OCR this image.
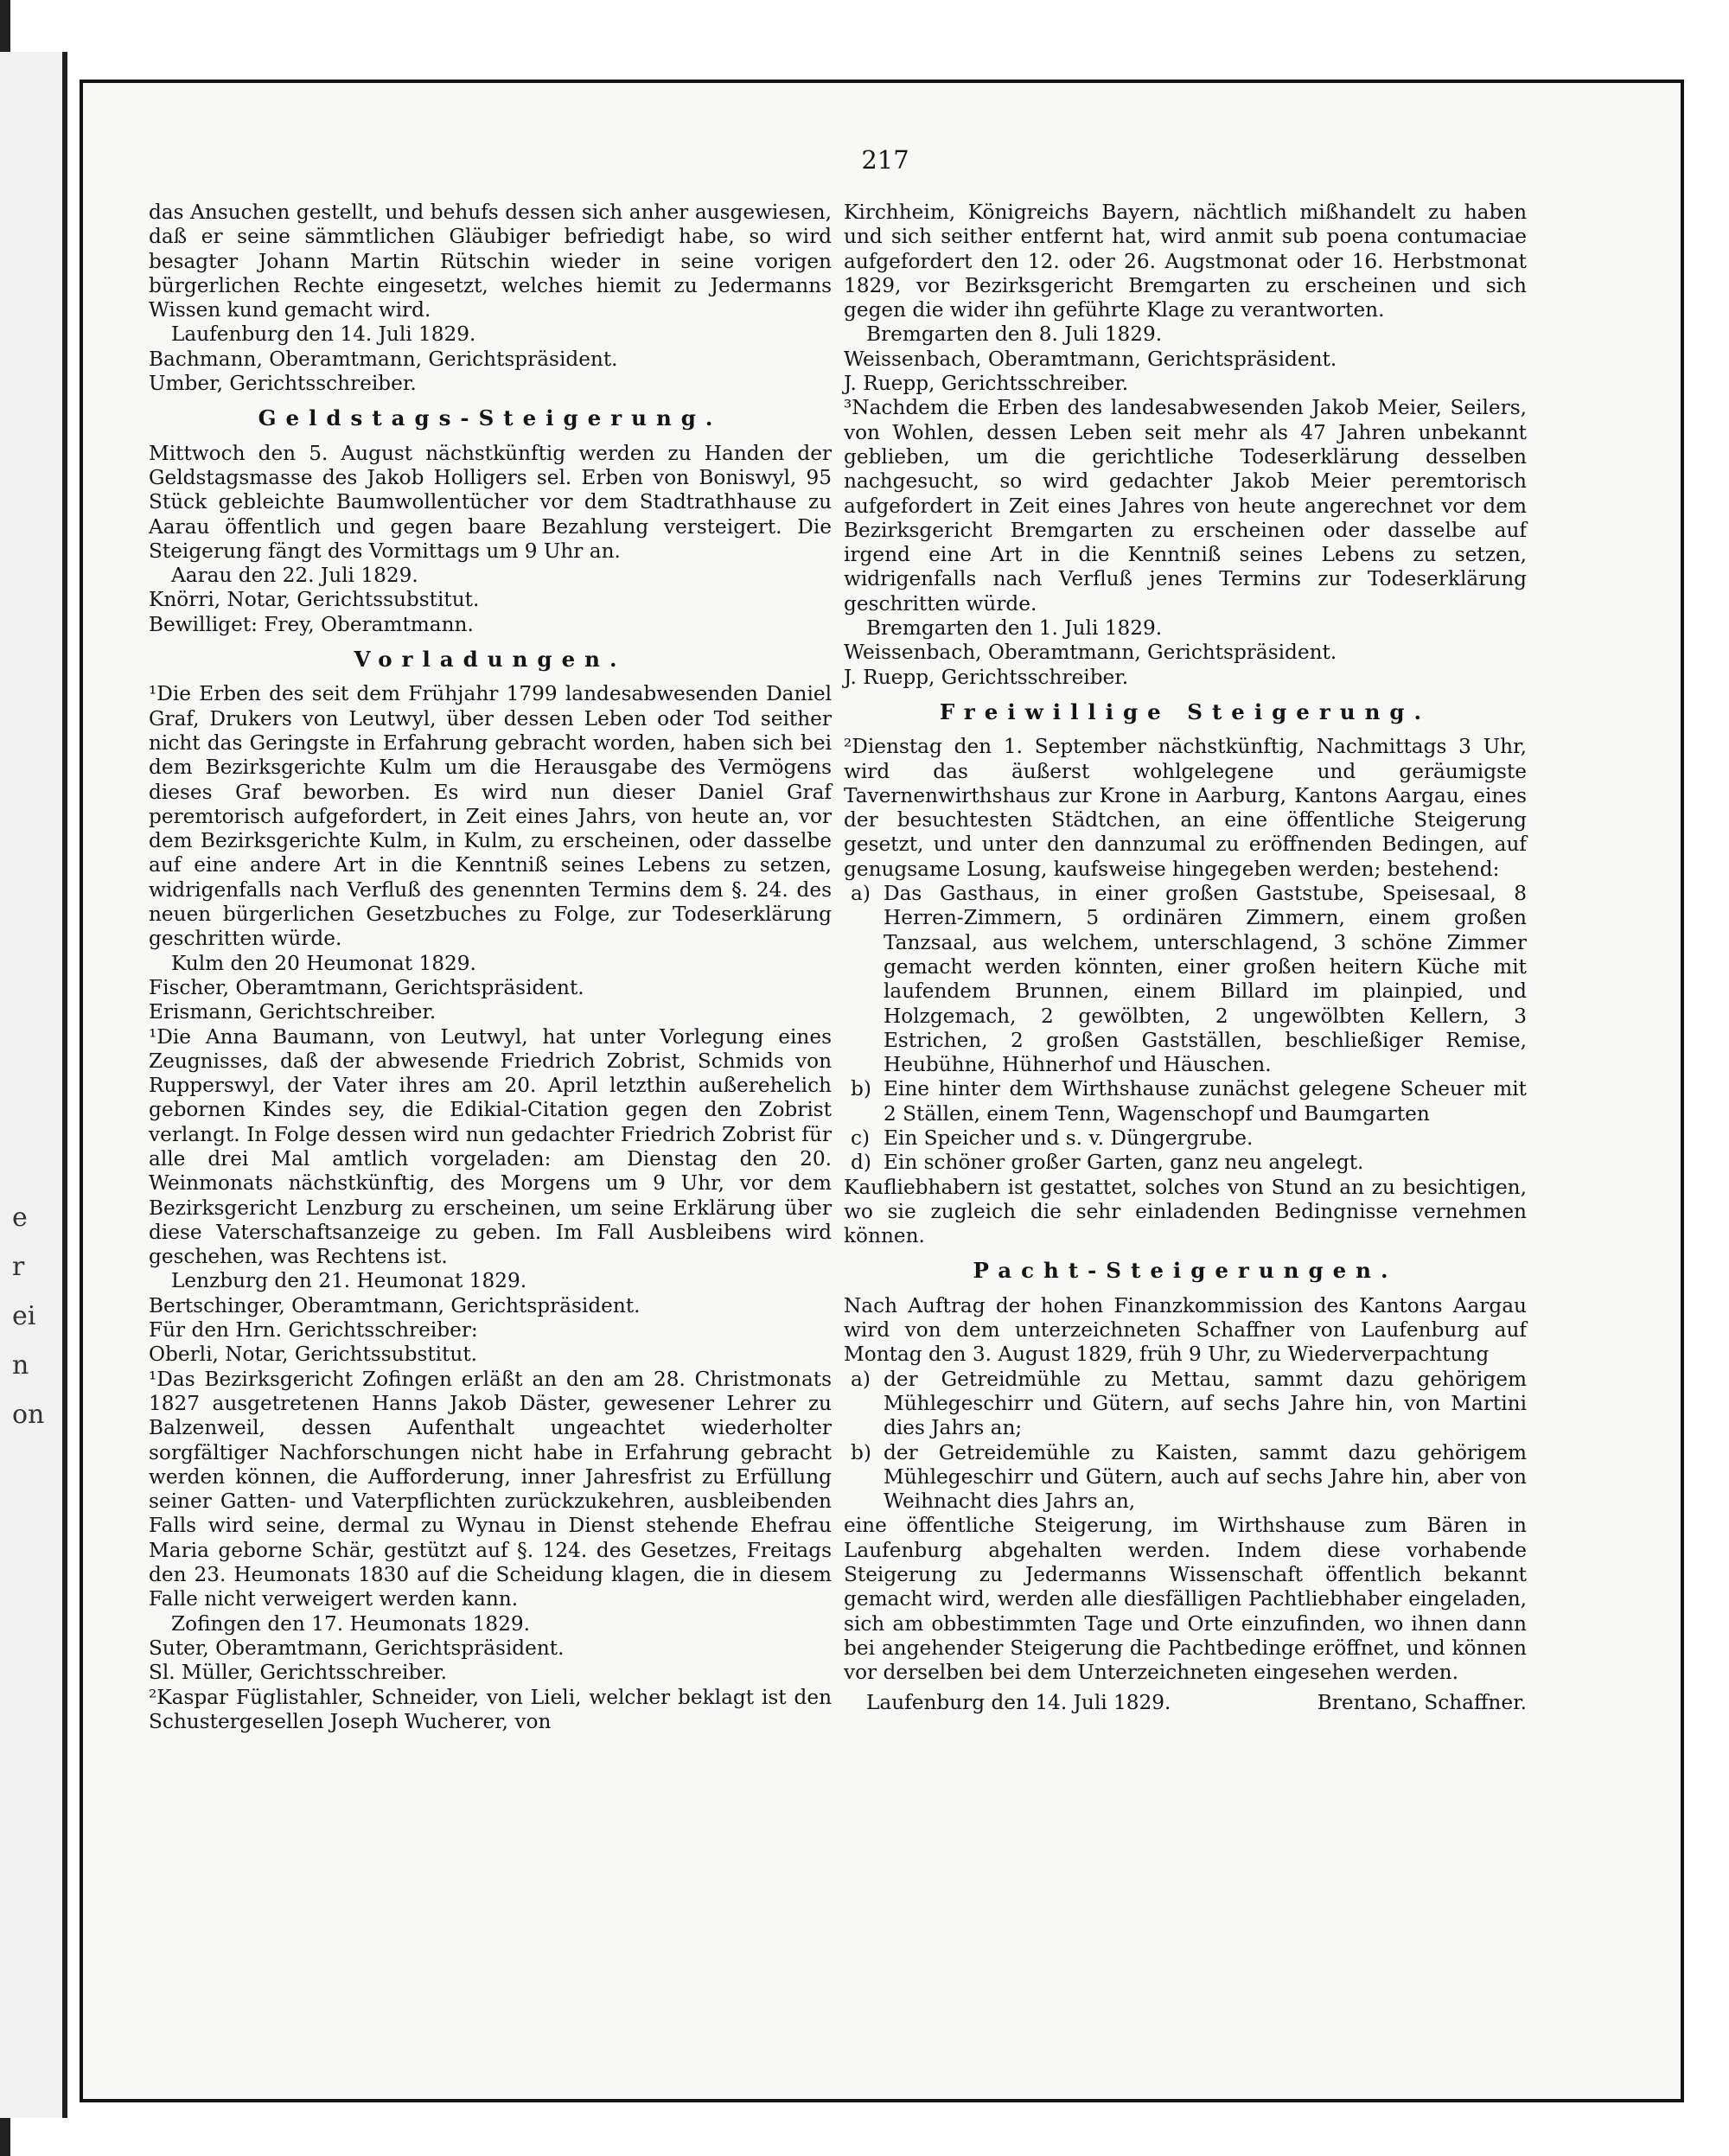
e
r
ei
n
on
217

das Ansuchen gestellt, und behufs dessen sich anher ausgewiesen, daß er seine sämmtlichen Gläubiger befriedigt habe, so wird besagter Johann Martin Rütschin wieder in seine vorigen bürgerlichen Rechte eingesetzt, welches hiemit zu Jedermanns Wissen kund gemacht wird.

Laufenburg den 14. Juli 1829.

Bachmann, Oberamtmann, Gerichtspräsident.

Umber, Gerichtsschreiber.

Geldstags-Steigerung.

Mittwoch den 5. August nächstkünftig werden zu Handen der Geldstagsmasse des Jakob Holligers sel. Erben von Boniswyl, 95 Stück gebleichte Baumwollentücher vor dem Stadtrathhause zu Aarau öffentlich und gegen baare Bezahlung versteigert. Die Steigerung fängt des Vormittags um 9 Uhr an.

Aarau den 22. Juli 1829.

Knörri, Notar, Gerichtssubstitut.

Bewilliget: Frey, Oberamtmann.

Vorladungen.

¹Die Erben des seit dem Frühjahr 1799 landesabwesenden Daniel Graf, Drukers von Leutwyl, über dessen Leben oder Tod seither nicht das Geringste in Erfahrung gebracht worden, haben sich bei dem Bezirksgerichte Kulm um die Herausgabe des Vermögens dieses Graf beworben. Es wird nun dieser Daniel Graf peremtorisch aufgefordert, in Zeit eines Jahrs, von heute an, vor dem Bezirksgerichte Kulm, in Kulm, zu erscheinen, oder dasselbe auf eine andere Art in die Kenntniß seines Lebens zu setzen, widrigenfalls nach Verfluß des genennten Termins dem §. 24. des neuen bürgerlichen Gesetzbuches zu Folge, zur Todeserklärung geschritten würde.

Kulm den 20 Heumonat 1829.

Fischer, Oberamtmann, Gerichtspräsident.

Erismann, Gerichtschreiber.

¹Die Anna Baumann, von Leutwyl, hat unter Vorlegung eines Zeugnisses, daß der abwesende Friedrich Zobrist, Schmids von Rupperswyl, der Vater ihres am 20. April letzthin außerehelich gebornen Kindes sey, die Edikial-Citation gegen den Zobrist verlangt. In Folge dessen wird nun gedachter Friedrich Zobrist für alle drei Mal amtlich vorgeladen: am Dienstag den 20. Weinmonats nächstkünftig, des Morgens um 9 Uhr, vor dem Bezirksgericht Lenzburg zu erscheinen, um seine Erklärung über diese Vaterschaftsanzeige zu geben. Im Fall Ausbleibens wird geschehen, was Rechtens ist.

Lenzburg den 21. Heumonat 1829.

Bertschinger, Oberamtmann, Gerichtspräsident.

Für den Hrn. Gerichtsschreiber:

Oberli, Notar, Gerichtssubstitut.

¹Das Bezirksgericht Zofingen erläßt an den am 28. Christmonats 1827 ausgetretenen Hanns Jakob Däster, gewesener Lehrer zu Balzenweil, dessen Aufenthalt ungeachtet wiederholter sorgfältiger Nachforschungen nicht habe in Erfahrung gebracht werden können, die Aufforderung, inner Jahresfrist zu Erfüllung seiner Gatten- und Vaterpflichten zurückzukehren, ausbleibenden Falls wird seine, dermal zu Wynau in Dienst stehende Ehefrau Maria geborne Schär, gestützt auf §. 124. des Gesetzes, Freitags den 23. Heumonats 1830 auf die Scheidung klagen, die in diesem Falle nicht verweigert werden kann.

Zofingen den 17. Heumonats 1829.

Suter, Oberamtmann, Gerichtspräsident.

Sl. Müller, Gerichtsschreiber.

²Kaspar Füglistahler, Schneider, von Lieli, welcher beklagt ist den Schustergesellen Joseph Wucherer, von

Kirchheim, Königreichs Bayern, nächtlich mißhandelt zu haben und sich seither entfernt hat, wird anmit sub poena contumaciae aufgefordert den 12. oder 26. Augstmonat oder 16. Herbstmonat 1829, vor Bezirksgericht Bremgarten zu erscheinen und sich gegen die wider ihn geführte Klage zu verantworten.

Bremgarten den 8. Juli 1829.

Weissenbach, Oberamtmann, Gerichtspräsident.

J. Ruepp, Gerichtsschreiber.

³Nachdem die Erben des landesabwesenden Jakob Meier, Seilers, von Wohlen, dessen Leben seit mehr als 47 Jahren unbekannt geblieben, um die gerichtliche Todeserklärung desselben nachgesucht, so wird gedachter Jakob Meier peremtorisch aufgefordert in Zeit eines Jahres von heute angerechnet vor dem Bezirksgericht Bremgarten zu erscheinen oder dasselbe auf irgend eine Art in die Kenntniß seines Lebens zu setzen, widrigenfalls nach Verfluß jenes Termins zur Todeserklärung geschritten würde.

Bremgarten den 1. Juli 1829.

Weissenbach, Oberamtmann, Gerichtspräsident.

J. Ruepp, Gerichtsschreiber.

Freiwillige Steigerung.

²Dienstag den 1. September nächstkünftig, Nachmittags 3 Uhr, wird das äußerst wohlgelegene und geräumigste Tavernenwirthshaus zur Krone in Aarburg, Kantons Aargau, eines der besuchtesten Städtchen, an eine öffentliche Steigerung gesetzt, und unter den dannzumal zu eröffnenden Bedingen, auf genugsame Losung, kaufsweise hingegeben werden; bestehend:

a) Das Gasthaus, in einer großen Gaststube, Speisesaal, 8 Herren-Zimmern, 5 ordinären Zimmern, einem großen Tanzsaal, aus welchem, unterschlagend, 3 schöne Zimmer gemacht werden könnten, einer großen heitern Küche mit laufendem Brunnen, einem Billard im plainpied, und Holzgemach, 2 gewölbten, 2 ungewölbten Kellern, 3 Estrichen, 2 großen Gastställen, beschließiger Remise, Heubühne, Hühnerhof und Häuschen.
b) Eine hinter dem Wirthshause zunächst gelegene Scheuer mit 2 Ställen, einem Tenn, Wagenschopf und Baumgarten
c) Ein Speicher und s. v. Düngergrube.
d) Ein schöner großer Garten, ganz neu angelegt.

Kaufliebhabern ist gestattet, solches von Stund an zu besichtigen, wo sie zugleich die sehr einladenden Bedingnisse vernehmen können.

Pacht-Steigerungen.

Nach Auftrag der hohen Finanzkommission des Kantons Aargau wird von dem unterzeichneten Schaffner von Laufenburg auf Montag den 3. August 1829, früh 9 Uhr, zu Wiederverpachtung

a) der Getreidmühle zu Mettau, sammt dazu gehörigem Mühlegeschirr und Gütern, auf sechs Jahre hin, von Martini dies Jahrs an;
b) der Getreidemühle zu Kaisten, sammt dazu gehörigem Mühlegeschirr und Gütern, auch auf sechs Jahre hin, aber von Weihnacht dies Jahrs an,

eine öffentliche Steigerung, im Wirthshause zum Bären in Laufenburg abgehalten werden. Indem diese vorhabende Steigerung zu Jedermanns Wissenschaft öffentlich bekannt gemacht wird, werden alle diesfälligen Pachtliebhaber eingeladen, sich am obbestimmten Tage und Orte einzufinden, wo ihnen dann bei angehender Steigerung die Pachtbedinge eröffnet, und können vor derselben bei dem Unterzeichneten eingesehen werden.

Laufenburg den 14. Juli 1829.	Brentano, Schaffner.
